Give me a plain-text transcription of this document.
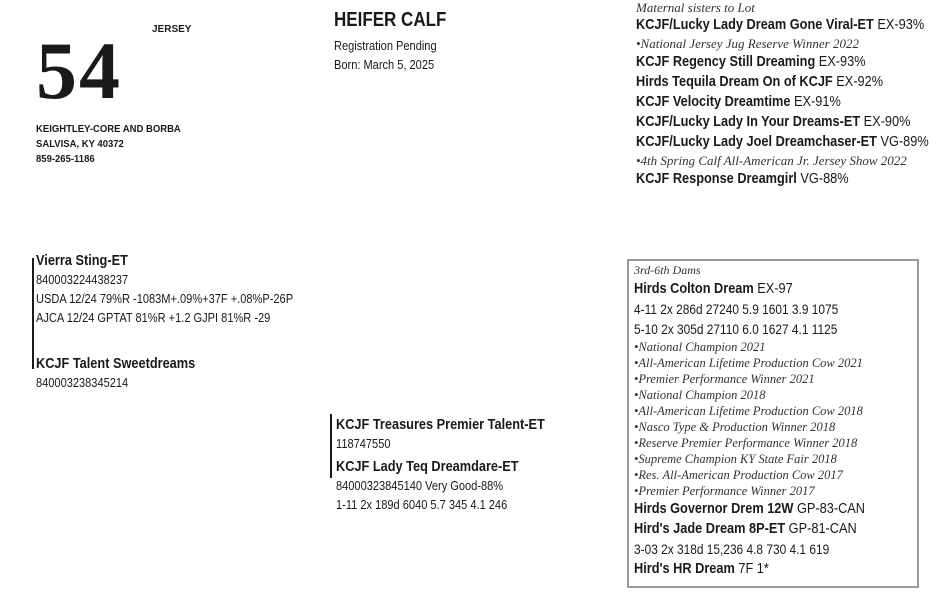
54	JERSEY
KEIGHTLEY-CORE AND BORBA
SALVISA, KY 40372
859-265-1186
HEIFER CALF
Registration Pending
Born: March 5, 2025
Maternal sisters to Lot
KCJF/Lucky Lady Dream Gone Viral-ET EX-93%
•National Jersey Jug Reserve Winner 2022
KCJF Regency Still Dreaming EX-93%
Hirds Tequila Dream On of KCJF EX-92%
KCJF Velocity Dreamtime EX-91%
KCJF/Lucky Lady In Your Dreams-ET EX-90%
KCJF/Lucky Lady Joel Dreamchaser-ET VG-89%
•4th Spring Calf All-American Jr. Jersey Show 2022
KCJF Response Dreamgirl VG-88%
Vierra Sting-ET
840003224438237
USDA 12/24 79%R -1083M+.09%+37F +.08%P-26P
AJCA 12/24 GPTAT 81%R +1.2 GJPI 81%R -29
KCJF Talent Sweetdreams
840003238345214
KCJF Treasures Premier Talent-ET
118747550
KCJF Lady Teq Dreamdare-ET
84000323845140 Very Good-88%
1-11 2x 189d 6040 5.7 345 4.1 246
3rd-6th Dams
Hirds Colton Dream EX-97
4-11 2x 286d 27240 5.9 1601 3.9 1075
5-10 2x 305d 27110 6.0 1627 4.1 1125
•National Champion 2021
•All-American Lifetime Production Cow 2021
•Premier Performance Winner 2021
•National Champion 2018
•All-American Lifetime Production Cow 2018
•Nasco Type & Production Winner 2018
•Reserve Premier Performance Winner 2018
•Supreme Champion KY State Fair 2018
•Res. All-American Production Cow 2017
•Premier Performance Winner 2017
Hirds Governor Drem 12W GP-83-CAN
Hird's Jade Dream 8P-ET GP-81-CAN
3-03 2x 318d 15,236 4.8 730 4.1 619
Hird's HR Dream 7F 1*
